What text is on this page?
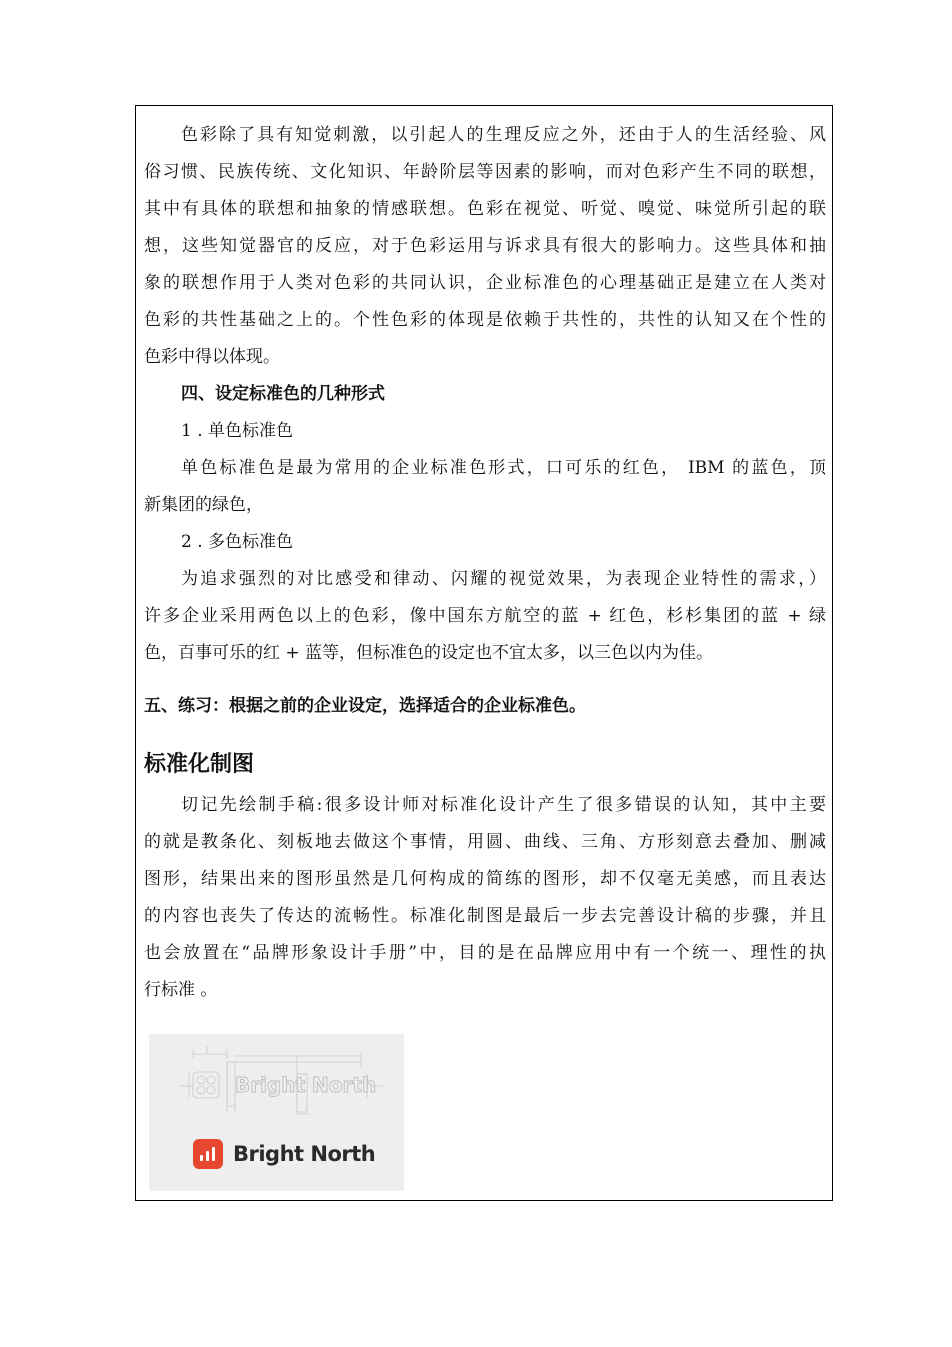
色彩除了具有知觉刺激，以引起人的生理反应之外，还由于人的生活经验、风
俗习惯、民族传统、文化知识、年龄阶层等因素的影响，而对色彩产生不同的联想，
其中有具体的联想和抽象的情感联想。色彩在视觉、听觉、嗅觉、味觉所引起的联
想，这些知觉器官的反应，对于色彩运用与诉求具有很大的影响力。这些具体和抽
象的联想作用于人类对色彩的共同认识，企业标准色的心理基础正是建立在人类对
色彩的共性基础之上的。个性色彩的体现是依赖于共性的，共性的认知又在个性的
色彩中得以体现。
四、设定标准色的几种形式
1 . 单色标准色
单色标准色是最为常用的企业标准色形式，口可乐的红色， IBM 的蓝色，顶
新集团的绿色，
2 . 多色标准色
为追求强烈的对比感受和律动、闪耀的视觉效果，为表现企业特性的需求，）
许多企业采用两色以上的色彩，像中国东方航空的蓝 + 红色，杉杉集团的蓝 + 绿
色，百事可乐的红 + 蓝等，但标准色的设定也不宜太多，以三色以内为佳。
五、练习：根据之前的企业设定，选择适合的企业标准色。
标准化制图
切记先绘制手稿:很多设计师对标准化设计产生了很多错误的认知，其中主要
的就是教条化、刻板地去做这个事情，用圆、曲线、三角、方形刻意去叠加、删减
图形，结果出来的图形虽然是几何构成的简练的图形，却不仅毫无美感，而且表达
的内容也丧失了传达的流畅性。标准化制图是最后一步去完善设计稿的步骤，并且
也会放置在“品牌形象设计手册”中，目的是在品牌应用中有一个统一、理性的执
行标准 。
Bright North
Bright North
